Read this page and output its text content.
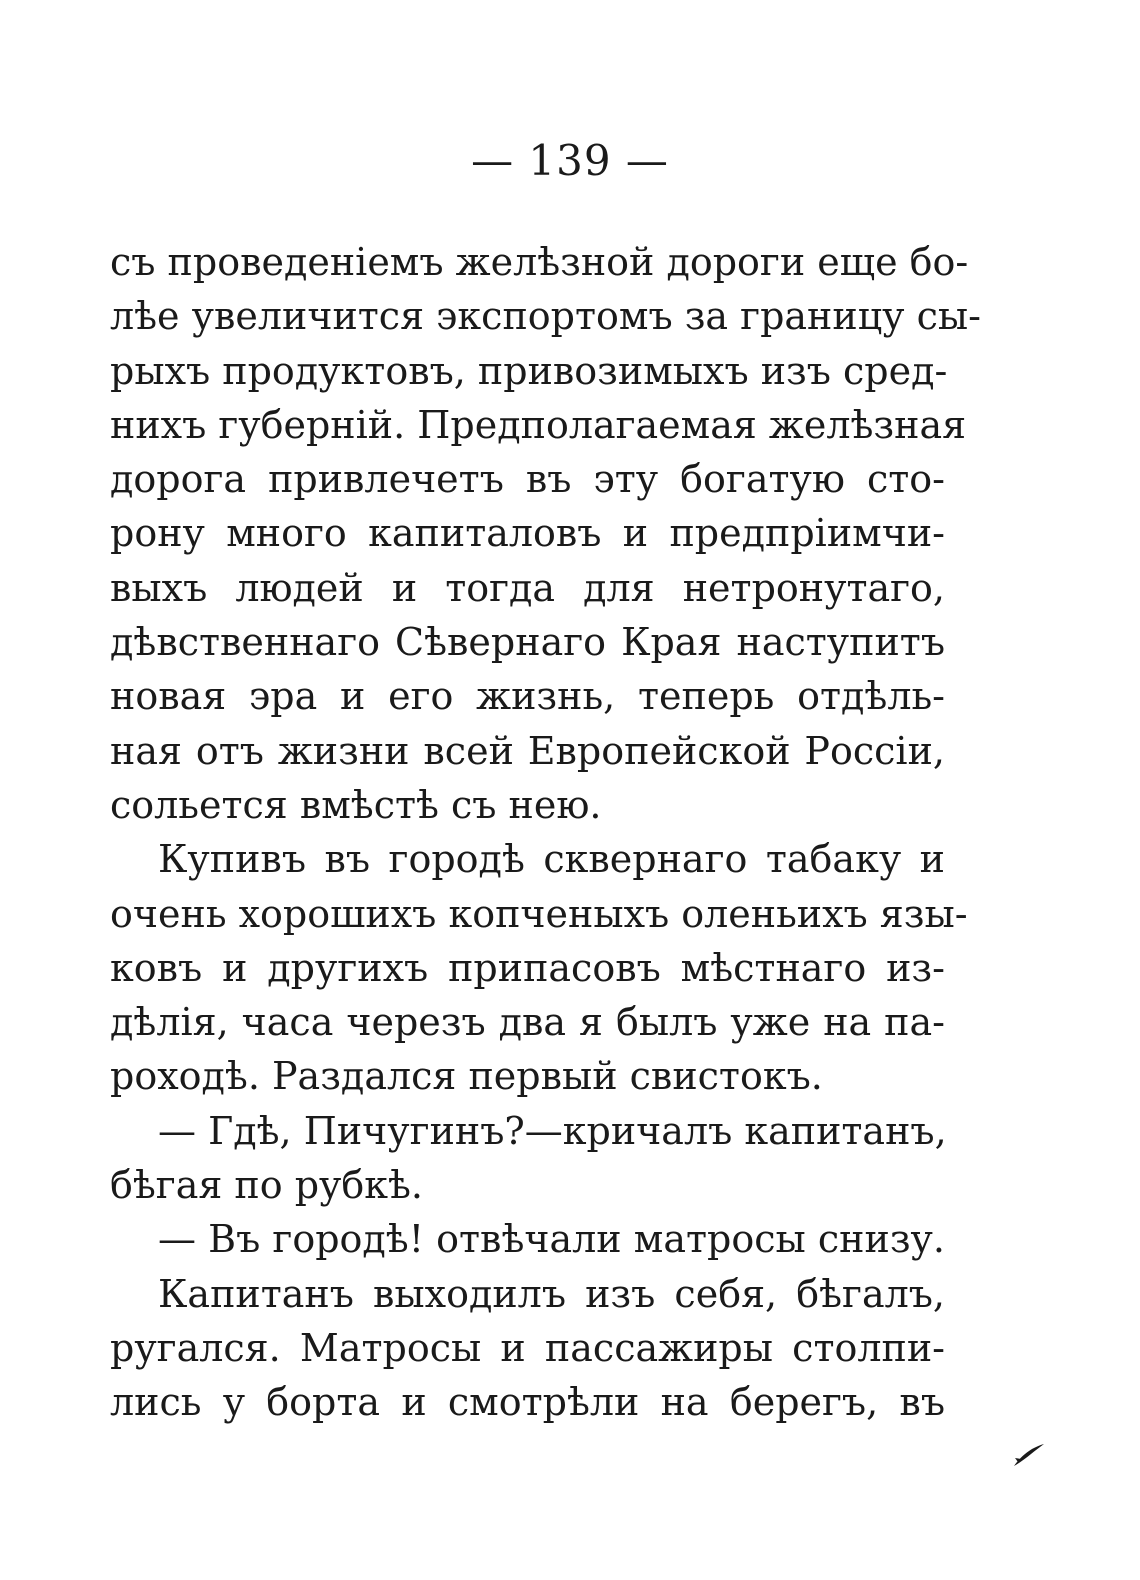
— 139 —
съ проведеніемъ желѣзной дороги еще бо-
лѣе увеличится экспортомъ за границу сы-
рыхъ продуктовъ, привозимыхъ изъ сред-
нихъ губерній. Предполагаемая желѣзная
дорога привлечетъ въ эту богатую сто-
рону много капиталовъ и предпріимчи-
выхъ людей и тогда для нетронутаго,
дѣвственнаго Сѣвернаго Края наступитъ
новая эра и его жизнь, теперь отдѣль-
ная отъ жизни всей Европейской Россіи,
сольется вмѣстѣ съ нею.
Купивъ въ городѣ сквернаго табаку и
очень хорошихъ копченыхъ оленьихъ язы-
ковъ и другихъ припасовъ мѣстнаго из-
дѣлія, часа черезъ два я былъ уже на па-
роходѣ. Раздался первый свистокъ.
— Гдѣ, Пичугинъ?—кричалъ капитанъ,
бѣгая по рубкѣ.
— Въ городѣ! отвѣчали матросы снизу.
Капитанъ выходилъ изъ себя, бѣгалъ,
ругался. Матросы и пассажиры столпи-
лись у борта и смотрѣли на берегъ, въ
